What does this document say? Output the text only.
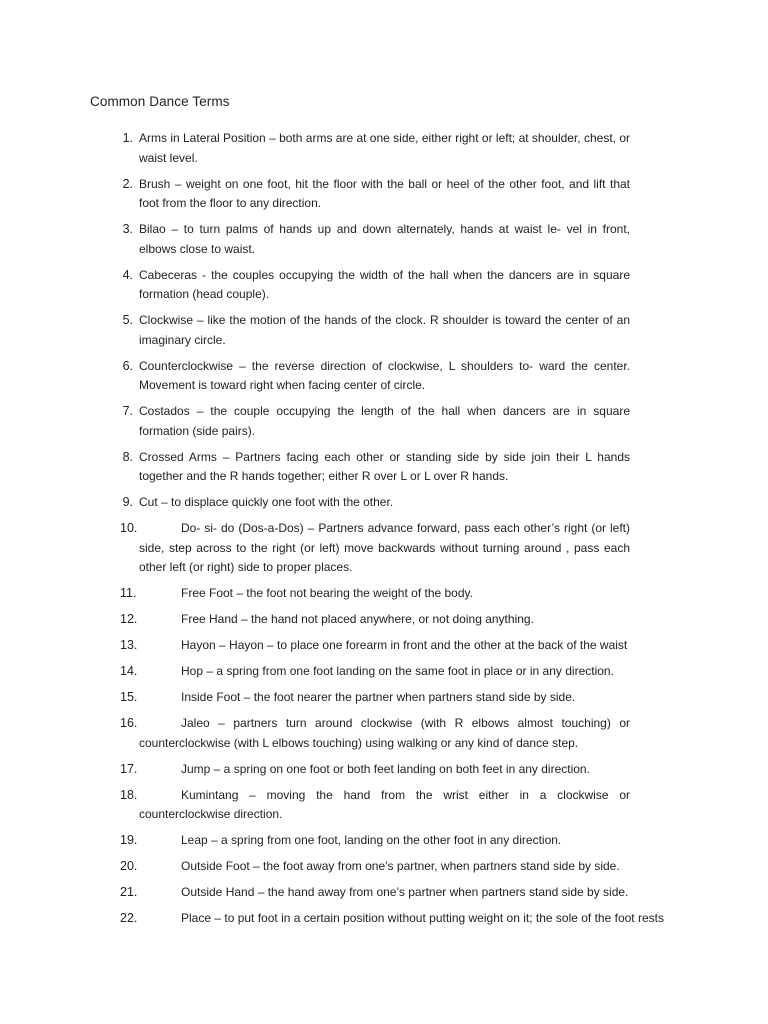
Common Dance Terms
1. Arms in Lateral Position – both arms are at one side, either right or left; at shoulder, chest, or waist level.
2. Brush – weight on one foot, hit the floor with the ball or heel of the other foot, and lift that foot from the floor to any direction.
3. Bilao – to turn palms of hands up and down alternately, hands at waist le- vel in front, elbows close to waist.
4. Cabeceras - the couples occupying the width of the hall when the dancers are in square formation (head couple).
5. Clockwise – like the motion of the hands of the clock. R shoulder is toward the center of an imaginary circle.
6. Counterclockwise – the reverse direction of clockwise, L shoulders to- ward the center. Movement is toward right when facing center of circle.
7. Costados – the couple occupying the length of the hall when dancers are in square formation (side pairs).
8. Crossed Arms – Partners facing each other or standing side by side join their L hands together and the R hands together; either R over L or L over R hands.
9. Cut – to displace quickly one foot with the other.
10.	Do- si- do (Dos-a-Dos) – Partners advance forward, pass each other’s right (or left) side, step across to the right (or left) move backwards without turning around , pass each other left (or right) side to proper places.
11.	Free Foot – the foot not bearing the weight of the body.
12.	Free Hand – the hand not placed anywhere, or not doing anything.
13.	Hayon – Hayon – to place one forearm in front and the other at the back of the waist
14.	Hop – a spring from one foot landing on the same foot in place or in any direction.
15.	Inside Foot – the foot nearer the partner when partners stand side by side.
16.	Jaleo – partners turn around clockwise (with R elbows almost touching) or counterclockwise (with L elbows touching) using walking or any kind of dance step.
17.	Jump – a spring on one foot or both feet landing on both feet in any direction.
18.	Kumintang – moving the hand from the wrist either in a clockwise or counterclockwise direction.
19.	Leap – a spring from one foot, landing on the other foot in any direction.
20.	Outside Foot – the foot away from one’s partner, when partners stand side by side.
21.	Outside Hand – the hand away from one’s partner when partners stand side by side.
22.	Place – to put foot in a certain position without putting weight on it; the sole of the foot rests
